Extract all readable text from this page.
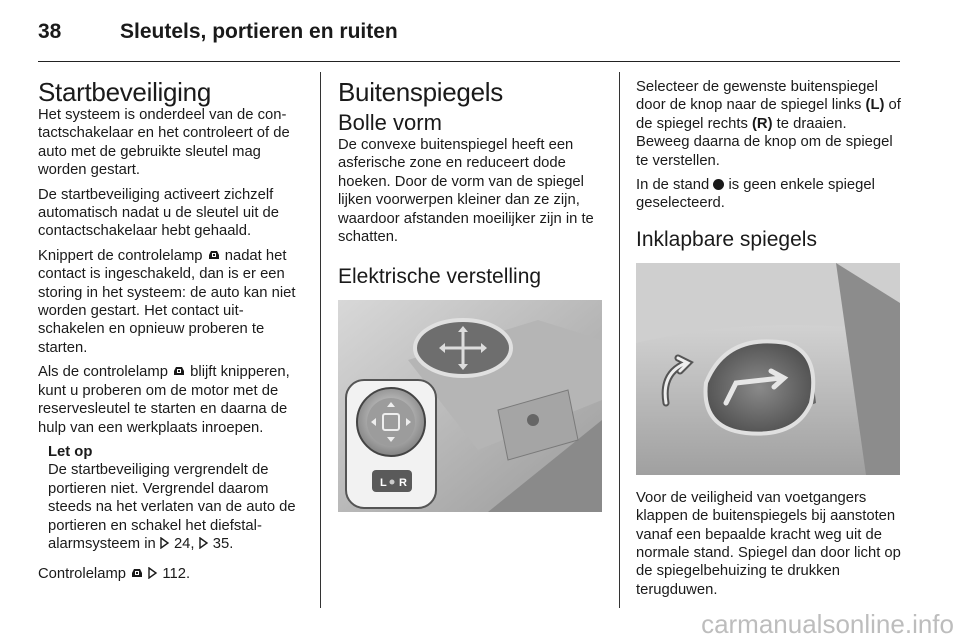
38	Sleutels, portieren en ruiten
Startbeveiliging

Het systeem is onderdeel van de contactschakelaar en het controleert of de auto met de gebruikte sleutel mag worden gestart.

De startbeveiliging activeert zichzelf automatisch nadat u de sleutel uit de contactschakelaar hebt gehaald.

Knippert de controlelamp  nadat het contact is ingeschakeld, dan is er een storing in het systeem: de auto kan niet worden gestart. Het contact uitschakelen en opnieuw proberen te starten.

Als de controlelamp  blijft knipperen, kunt u proberen om de motor met de reservesleutel te starten en daarna de hulp van een werkplaats inroepen.

Let op

De startbeveiliging vergrendelt de portieren niet. Vergrendel daarom steeds na het verlaten van de auto de portieren en schakel het diefstalalarmsysteem in  24,  35.

Controlelamp   112.

Buitenspiegels
Bolle vorm

De convexe buitenspiegel heeft een asferische zone en reduceert dode hoeken. Door de vorm van de spiegel lijken voorwerpen kleiner dan ze zijn, waardoor afstanden moeilijker zijn in te schatten.

Elektrische verstelling
L R

Selecteer de gewenste buitenspiegel door de knop naar de spiegel links (L) of de spiegel rechts (R) te draaien. Beweeg daarna de knop om de spiegel te verstellen.

In de stand  is geen enkele spiegel geselecteerd.

Inklapbare spiegels

Voor de veiligheid van voetgangers klappen de buitenspiegels bij aanstoten vanaf een bepaalde kracht weg uit de normale stand. Spiegel dan door licht op de spiegelbehuizing te drukken terugduwen.

carmanualsonline.info
